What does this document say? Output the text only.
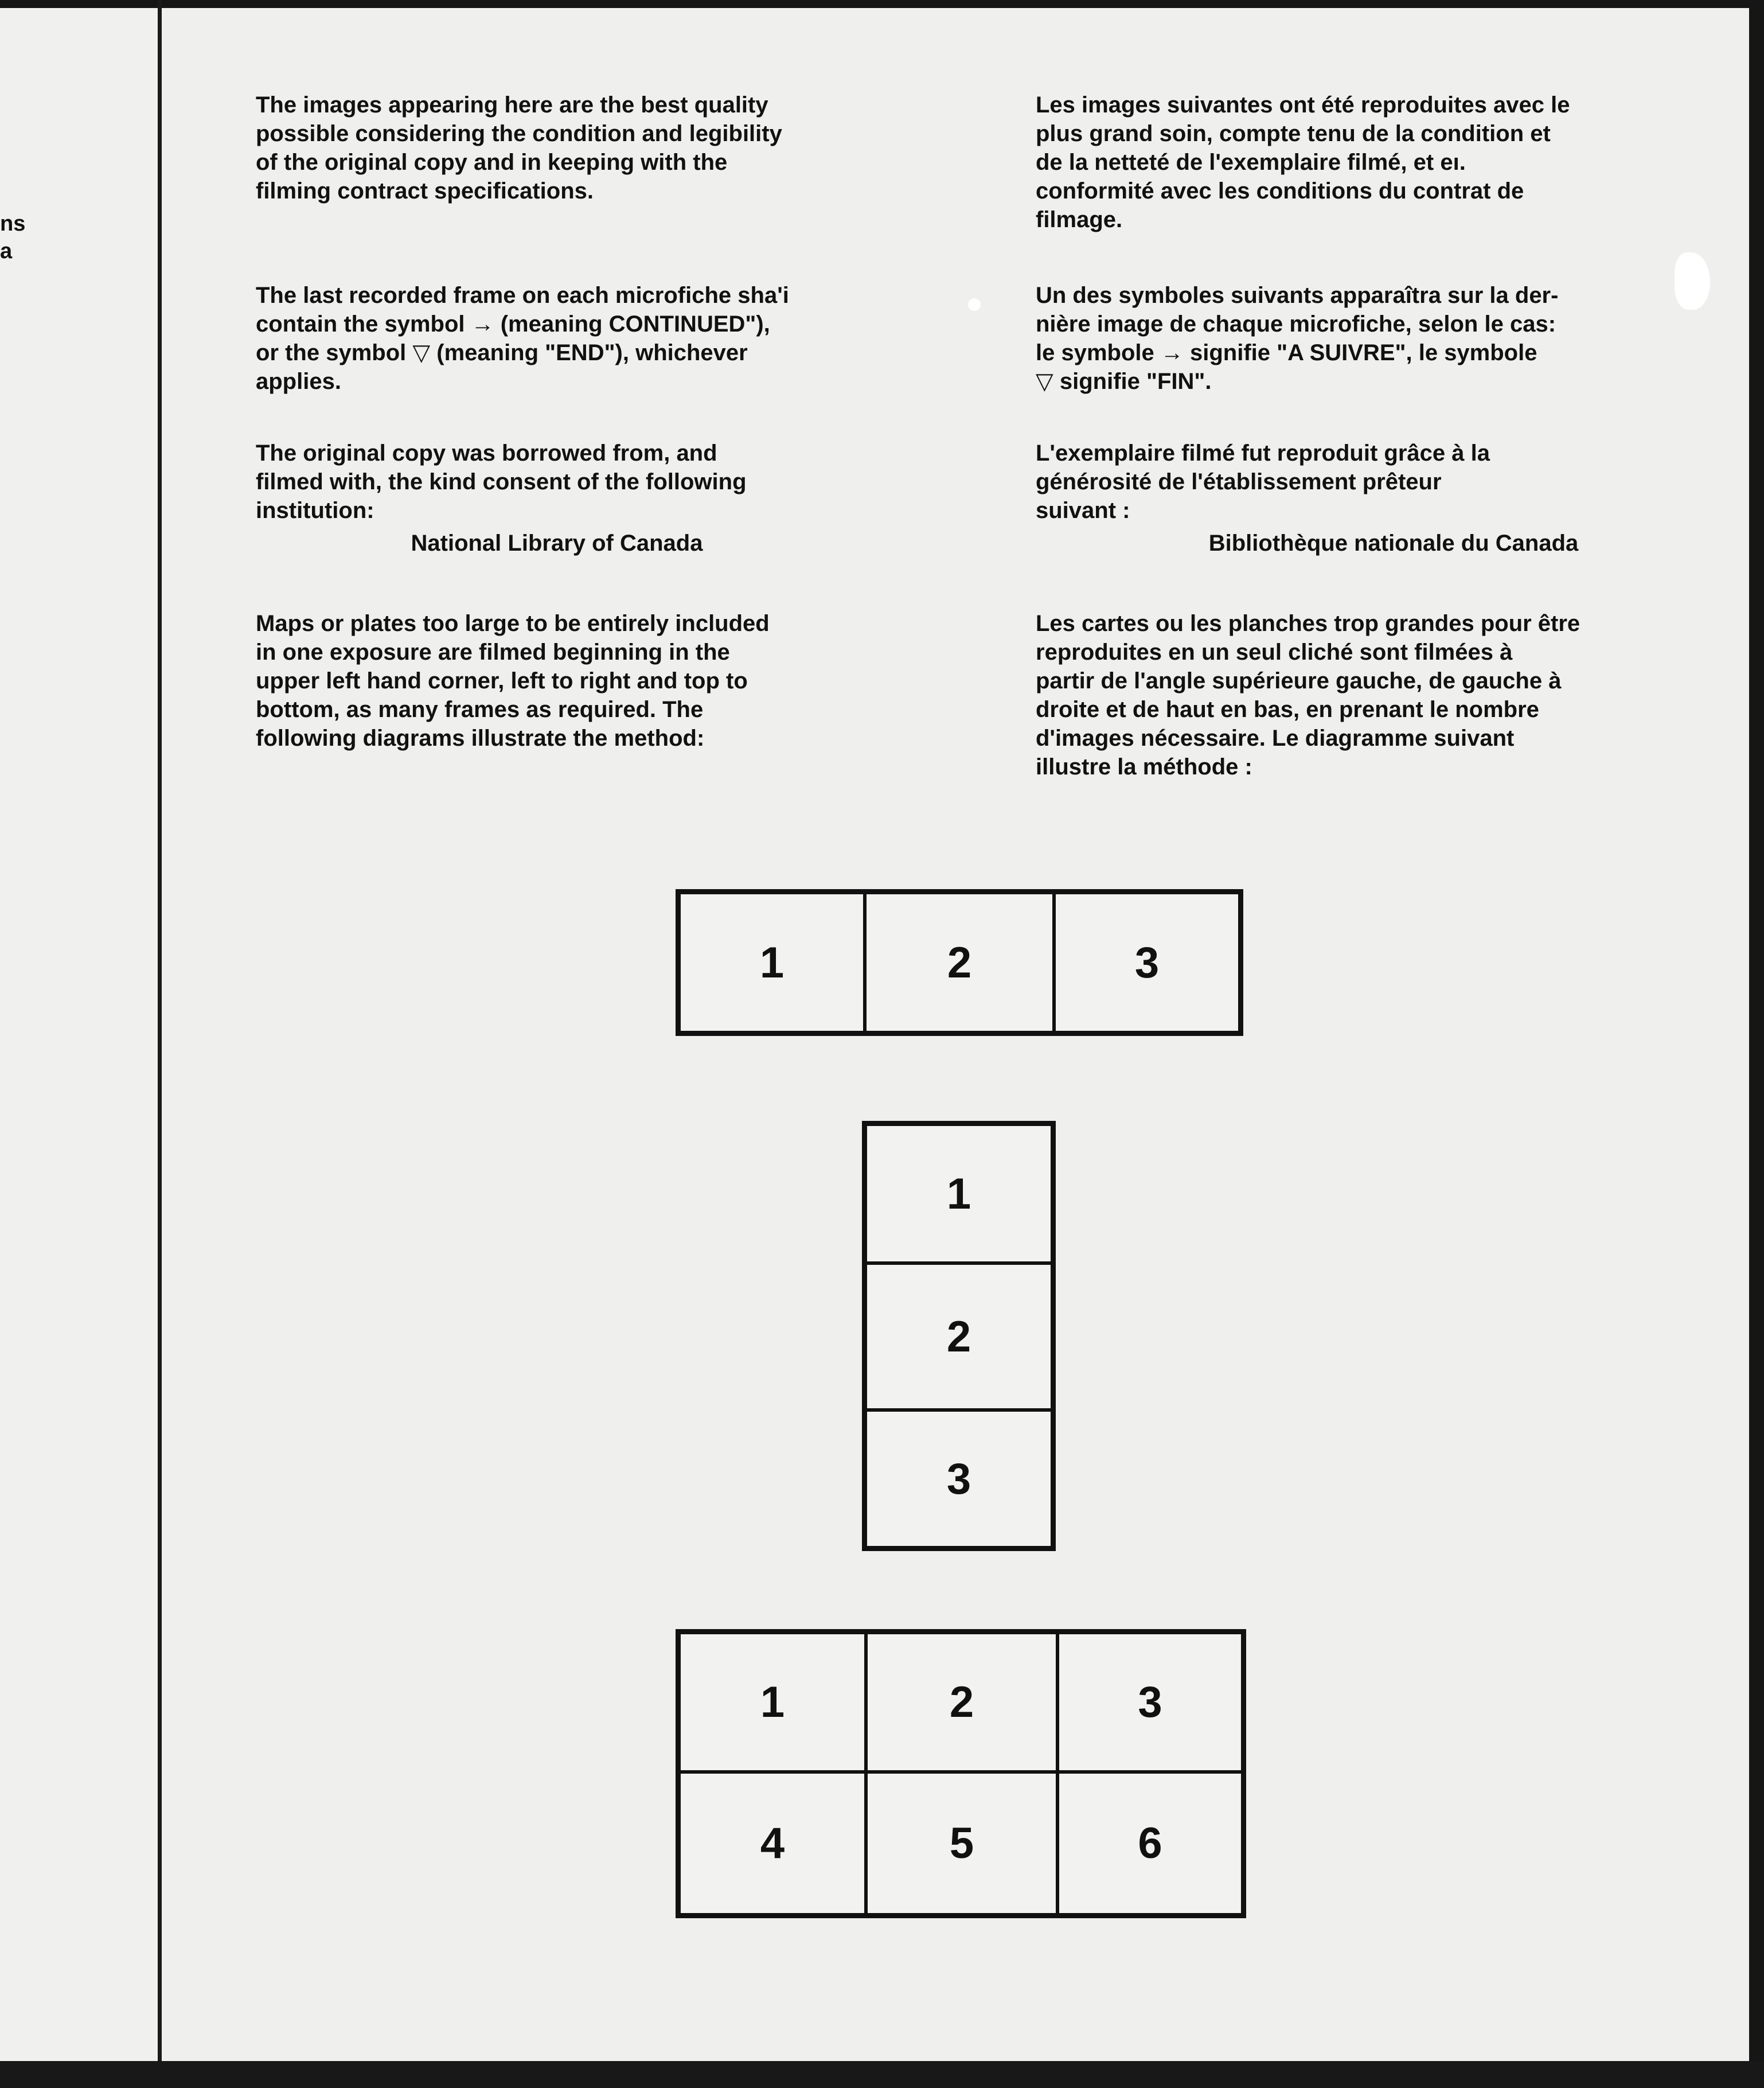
ns
a

The images appearing here are the best quality
possible considering the condition and legibility
of the original copy and in keeping with the
filming contract specifications.

The last recorded frame on each microfiche sha'i
contain the symbol → (meaning CONTINUED"),
or the symbol ▽ (meaning "END"), whichever
applies.

The original copy was borrowed from, and
filmed with, the kind consent of the following
institution:

National Library of Canada

Maps or plates too large to be entirely included
in one exposure are filmed beginning in the
upper left hand corner, left to right and top to
bottom, as many frames as required. The
following diagrams illustrate the method:

Les images suivantes ont été reproduites avec le
plus grand soin, compte tenu de la condition et
de la netteté de l'exemplaire filmé, et eı.
conformité avec les conditions du contrat de
filmage.

Un des symboles suivants apparaîtra sur la der-
nière image de chaque microfiche, selon le cas:
le symbole → signifie "A SUIVRE", le symbole
▽ signifie "FIN".

L'exemplaire filmé fut reproduit grâce à la
générosité de l'établissement prêteur
suivant :

Bibliothèque nationale du Canada

Les cartes ou les planches trop grandes pour être
reproduites en un seul cliché sont filmées à
partir de l'angle supérieure gauche, de gauche à
droite et de haut en bas, en prenant le nombre
d'images nécessaire. Le diagramme suivant
illustre la méthode :

1	2	3
1
2
3
1	2	3
4	5	6
